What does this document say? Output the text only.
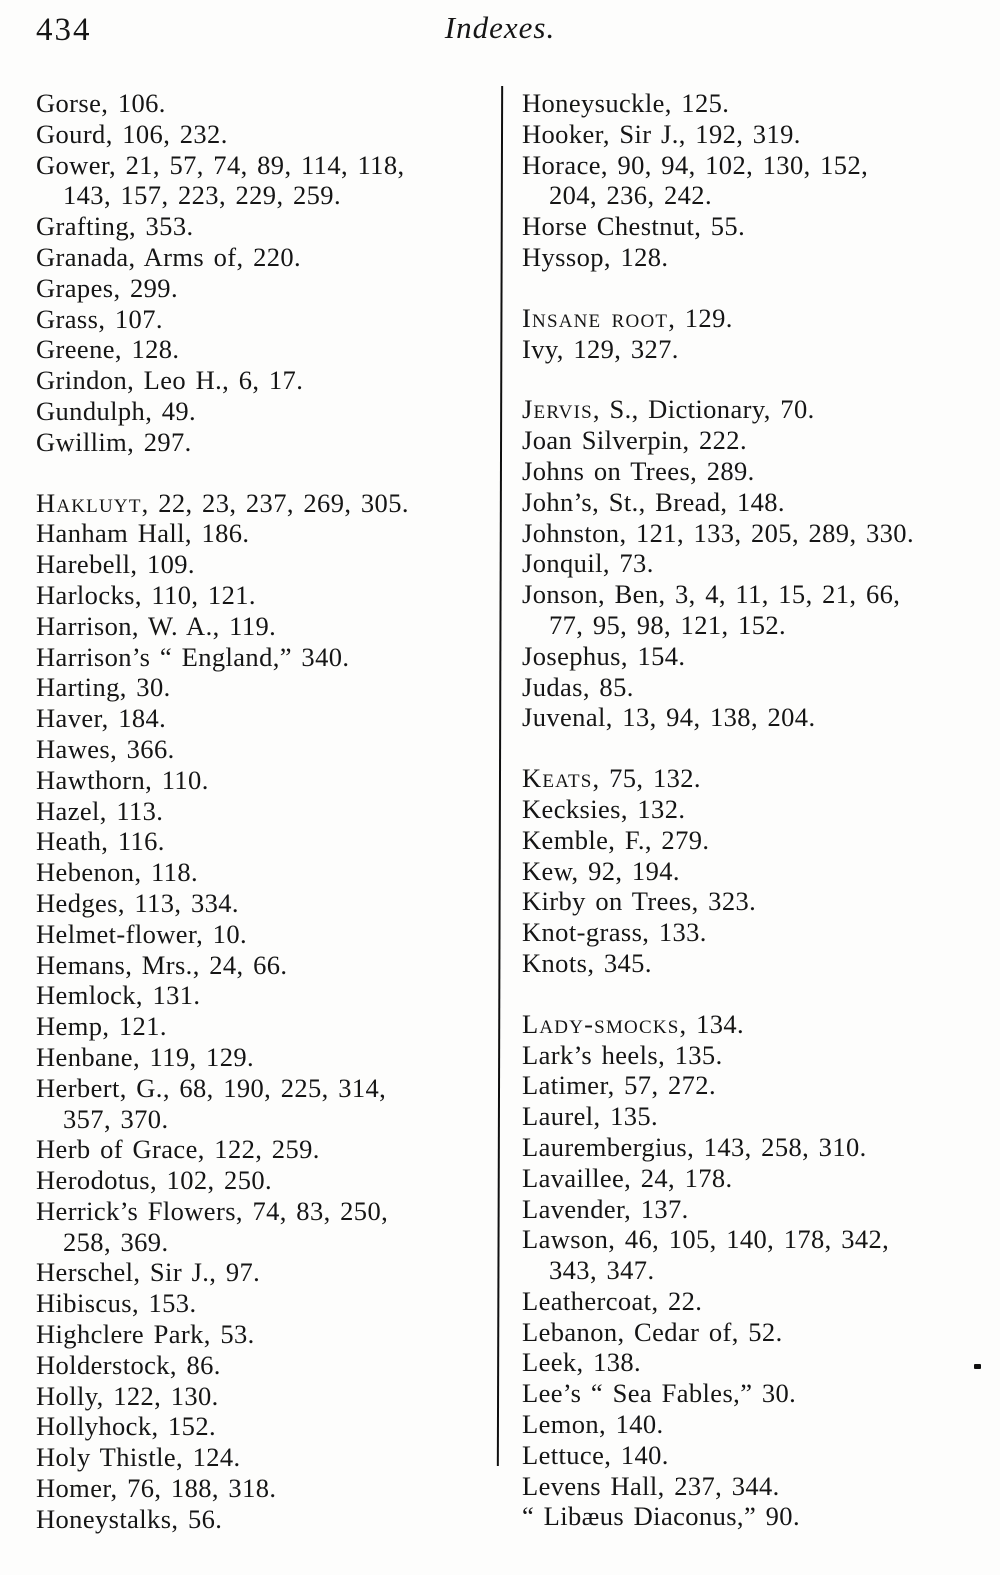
434	Indexes.
Gorse, 106.
Gourd, 106, 232.
Gower, 21, 57, 74, 89, 114, 118,
143, 157, 223, 229, 259.
Grafting, 353.
Granada, Arms of, 220.
Grapes, 299.
Grass, 107.
Greene, 128.
Grindon, Leo H., 6, 17.
Gundulph, 49.
Gwillim, 297.
Hakluyt, 22, 23, 237, 269, 305.
Hanham Hall, 186.
Harebell, 109.
Harlocks, 110, 121.
Harrison, W. A., 119.
Harrison’s “ England,” 340.
Harting, 30.
Haver, 184.
Hawes, 366.
Hawthorn, 110.
Hazel, 113.
Heath, 116.
Hebenon, 118.
Hedges, 113, 334.
Helmet-flower, 10.
Hemans, Mrs., 24, 66.
Hemlock, 131.
Hemp, 121.
Henbane, 119, 129.
Herbert, G., 68, 190, 225, 314,
357, 370.
Herb of Grace, 122, 259.
Herodotus, 102, 250.
Herrick’s Flowers, 74, 83, 250,
258, 369.
Herschel, Sir J., 97.
Hibiscus, 153.
Highclere Park, 53.
Holderstock, 86.
Holly, 122, 130.
Hollyhock, 152.
Holy Thistle, 124.
Homer, 76, 188, 318.
Honeystalks, 56.
Honeysuckle, 125.
Hooker, Sir J., 192, 319.
Horace, 90, 94, 102, 130, 152,
204, 236, 242.
Horse Chestnut, 55.
Hyssop, 128.
Insane root, 129.
Ivy, 129, 327.
Jervis, S., Dictionary, 70.
Joan Silverpin, 222.
Johns on Trees, 289.
John’s, St., Bread, 148.
Johnston, 121, 133, 205, 289, 330.
Jonquil, 73.
Jonson, Ben, 3, 4, 11, 15, 21, 66,
77, 95, 98, 121, 152.
Josephus, 154.
Judas, 85.
Juvenal, 13, 94, 138, 204.
Keats, 75, 132.
Kecksies, 132.
Kemble, F., 279.
Kew, 92, 194.
Kirby on Trees, 323.
Knot-grass, 133.
Knots, 345.
Lady-smocks, 134.
Lark’s heels, 135.
Latimer, 57, 272.
Laurel, 135.
Laurembergius, 143, 258, 310.
Lavaillee, 24, 178.
Lavender, 137.
Lawson, 46, 105, 140, 178, 342,
343, 347.
Leathercoat, 22.
Lebanon, Cedar of, 52.
Leek, 138.
Lee’s “ Sea Fables,” 30.
Lemon, 140.
Lettuce, 140.
Levens Hall, 237, 344.
“ Libæus Diaconus,” 90.
